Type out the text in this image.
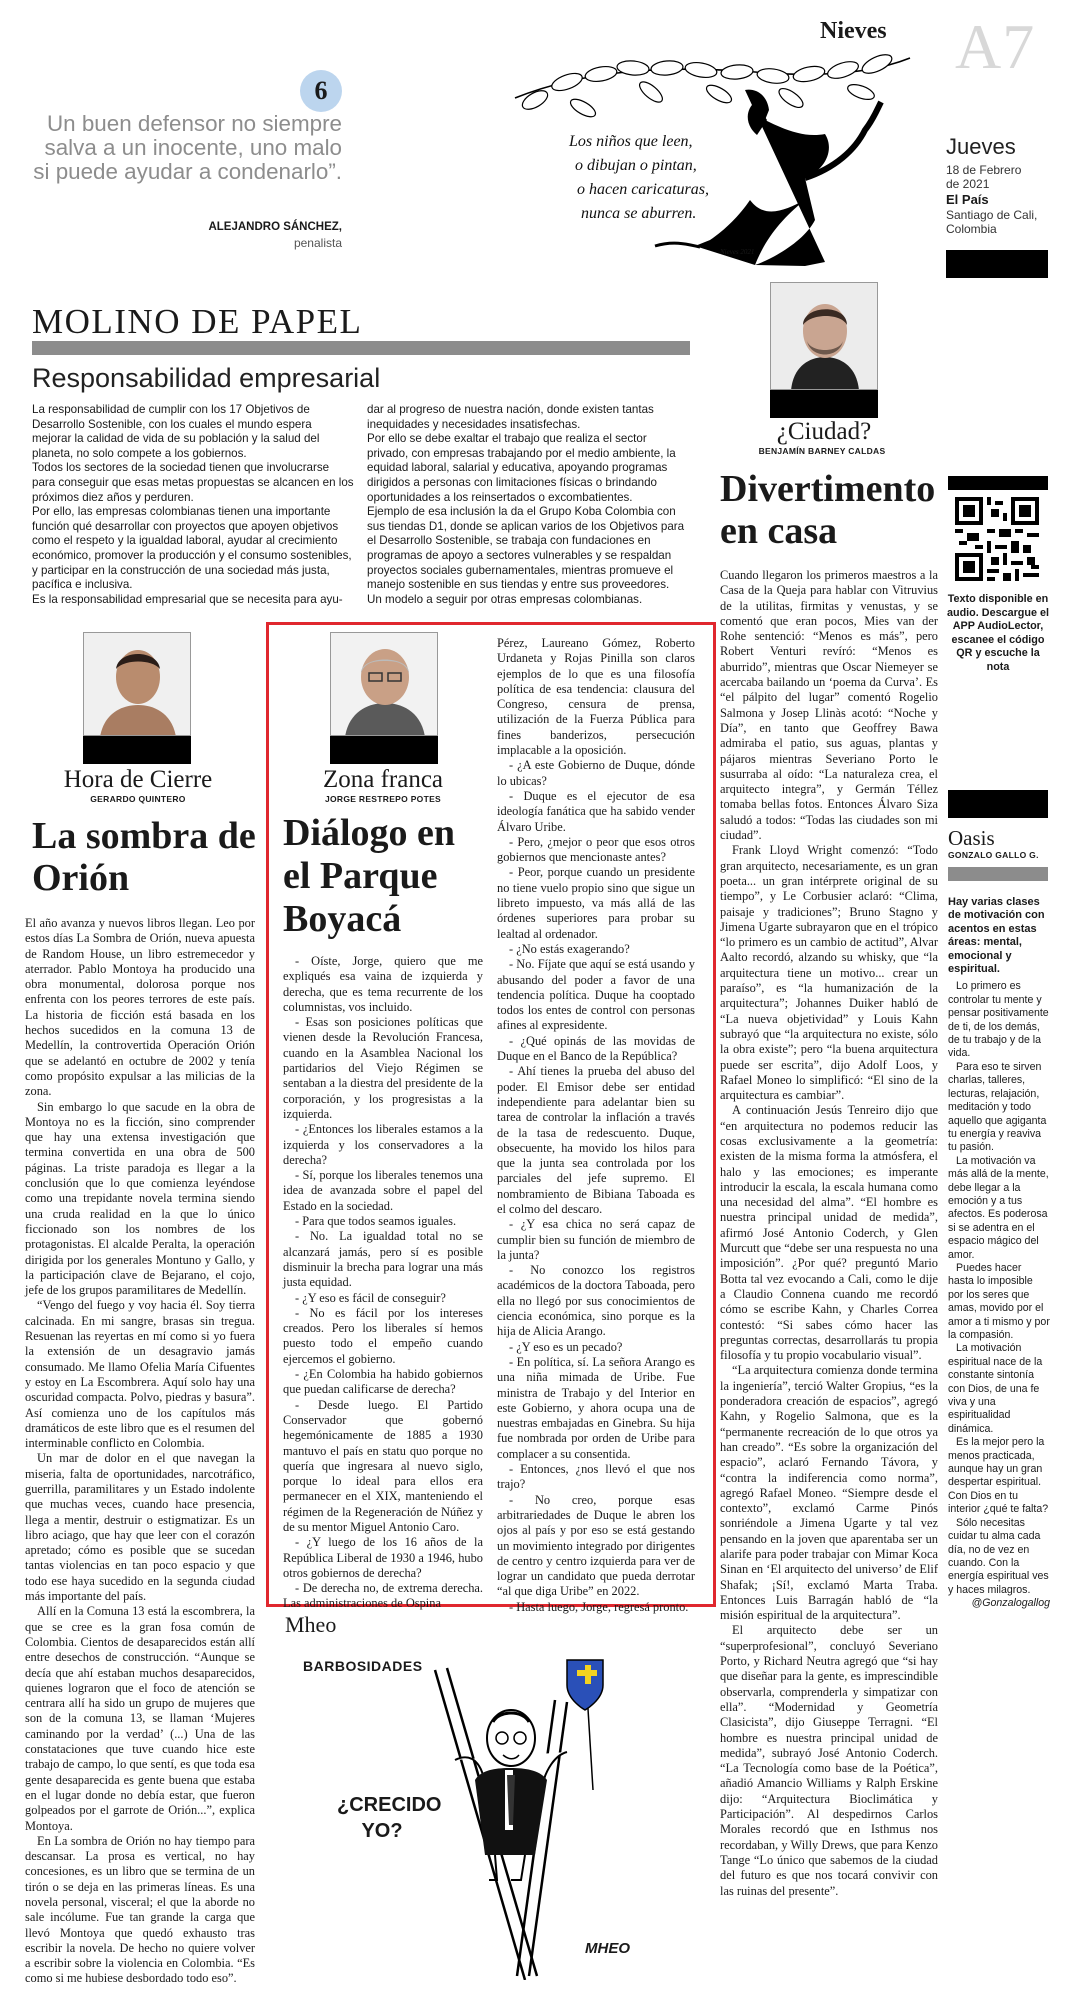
Nieves A7
Jueves
18 de Febrero
de 2021
El País
Santiago de Cali,
Colombia
6
Un buen defensor no siempre salva a un inocente, uno malo si puede ayudar a condenarlo”.
ALEJANDRO SÁNCHEZ,
penalista
Los niños que leen,
o dibujan o pintan,
o hacen caricaturas,
nunca se aburren.
Nieves 2021
MOLINO DE PAPEL
Responsabilidad empresarial

La responsabilidad de cumplir con los 17 Objetivos de Desarrollo Sostenible, con los cuales el mundo espera mejorar la calidad de vida de su población y la salud del planeta, no solo compete a los gobiernos.

Todos los sectores de la sociedad tienen que involucrarse para conseguir que esas metas propuestas se alcancen en los próximos diez años y perduren.

Por ello, las empresas colombianas tienen una importante función qué desarrollar con proyectos que apoyen objetivos como el respeto y la igualdad laboral, ayudar al crecimiento económico, promover la producción y el consumo sostenibles, y participar en la construcción de una sociedad más justa, pacífica e inclusiva.

Es la responsabilidad empresarial que se necesita para ayu-

dar al progreso de nuestra nación, donde existen tantas inequidades y necesidades insatisfechas.

Por ello se debe exaltar el trabajo que realiza el sector privado, con empresas trabajando por el medio ambiente, la equidad laboral, salarial y educativa, apoyando programas dirigidos a personas con limitaciones físicas o brindando oportunidades a los reinsertados o excombatientes.

Ejemplo de esa inclusión la da el Grupo Koba Colombia con sus tiendas D1, donde se aplican varios de los Objetivos para el Desarrollo Sostenible, se trabaja con fundaciones en programas de apoyo a sectores vulnerables y se respaldan proyectos sociales gubernamentales, mientras promueve el manejo sostenible en sus tiendas y entre sus proveedores.

Un modelo a seguir por otras empresas colombianas.

¿Ciudad?
BENJAMÍN BARNEY CALDAS
Divertimento en casa

Cuando llegaron los primeros maestros a la Casa de la Queja para hablar con Vitruvius de la utilitas, firmitas y venustas, y se comentó que eran pocos, Mies van der Rohe sentenció: “Menos es más”, pero Robert Venturi revíró: “Menos es aburrido”, mientras que Oscar Niemeyer se acercaba bailando un ‘poema da Curva’. Es “el pálpito del lugar” comentó Rogelio Salmona y Josep Llinàs acotó: “Noche y Día”, en tanto que Geoffrey Bawa admiraba el patio, sus aguas, plantas y pájaros mientras Severiano Porto le susurraba al oído: “La naturaleza crea, el arquitecto integra”, y Germán Téllez tomaba bellas fotos. Entonces Álvaro Siza saludó a todos: “Todas las ciudades son mi ciudad”.

Frank Lloyd Wright comenzó: “Todo gran arquitecto, necesariamente, es un gran poeta... un gran intérprete original de su tiempo”, y Le Corbusier aclaró: “Clima, paisaje y tradiciones”; Bruno Stagno y Jimena Ugarte subrayaron que en el trópico “lo primero es un cambio de actitud”, Alvar Aalto recordó, alzando su whisky, que “la arquitectura tiene un motivo... crear un paraíso”, es “la humanización de la arquitectura”; Johannes Duiker habló de “La nueva objetividad” y Louis Kahn subrayó que “la arquitectura no existe, sólo la obra existe”; pero “la buena arquitectura puede ser escrita”, dijo Adolf Loos, y Rafael Moneo lo simplificó: “El sino de la arquitectura es cambiar”.

A continuación Jesús Tenreiro dijo que “en arquitectura no podemos reducir las cosas exclusivamente a la geometría: existen de la misma forma la atmósfera, el halo y las emociones; es imperante introducir la escala, la escala humana como una necesidad del alma”. “El hombre es nuestra principal unidad de medida”, afirmó José Antonio Coderch, y Glen Murcutt que “debe ser una respuesta no una imposición”. ¿Por qué? preguntó Mario Botta tal vez evocando a Cali, como le dije a Claudio Connena cuando me recordó cómo se escribe Kahn, y Charles Correa contestó: “Si sabes cómo hacer las preguntas correctas, desarrollarás tu propia filosofía y tu propio vocabulario visual”.

“La arquitectura comienza donde termina la ingeniería”, terció Walter Gropius, “es la ponderadora creación de espacios”, agregó Kahn, y Rogelio Salmona, que es la “permanente recreación de lo que otros ya han creado”. “Es sobre la organización del espacio”, aclaró Fernando Távora, y “contra la indiferencia como norma”, agregó Rafael Moneo. “Siempre desde el contexto”, exclamó Carme Pinós sonriéndole a Jimena Ugarte y tal vez pensando en la joven que aparentaba ser un alarife para poder trabajar con Mimar Koca Sinan en ‘El arquitecto del universo’ de Elif Shafak; ¡Sí!, exclamó Marta Traba. Entonces Luis Barragán habló de “la misión espiritual de la arquitectura”.

El arquitecto debe ser un “superprofesional”, concluyó Severiano Porto, y Richard Neutra agregó que “si hay que diseñar para la gente, es imprescindible observarla, comprenderla y simpatizar con ella”. “Modernidad y Geometría Clasicista”, dijo Giuseppe Terragni. “El hombre es nuestra principal unidad de medida”, subrayó José Antonio Coderch. “La Tecnología como base de la Poética”, añadió Amancio Williams y Ralph Erskine dijo: “Arquitectura Bioclimática y Participación”. Al despedirnos Carlos Morales recordó que en Isthmus nos recordaban, y Willy Drews, que para Kenzo Tange “Lo único que sabemos de la ciudad del futuro es que nos tocará convivir con las ruinas del presente”.

Texto disponible en audio. Descargue el APP AudioLector, escanee el código QR y escuche la nota
Oasis
GONZALO GALLO G.

Hay varias clases de motivación con acentos en estas áreas: mental, emocional y espiritual.

Lo primero es controlar tu mente y pensar positivamente de ti, de los demás, de tu trabajo y de la vida.

Para eso te sirven charlas, talleres, lecturas, relajación, meditación y todo aquello que agiganta tu energía y reaviva tu pasión.

La motivación va más allá de la mente, debe llegar a la emoción y a tus afectos. Es poderosa si se adentra en el espacio mágico del amor.

Puedes hacer hasta lo imposible por los seres que amas, movido por el amor a ti mismo y por la compasión.

La motivación espiritual nace de la constante sintonía con Dios, de una fe viva y una espiritualidad dinámica.

Es la mejor pero la menos practicada, aunque hay un gran despertar espiritual. Con Dios en tu interior ¿qué te falta?

Sólo necesitas cuidar tu alma cada día, no de vez en cuando. Con la energía espiritual ves y haces milagros.

@Gonzalogallog

Hora de Cierre
GERARDO QUINTERO
La sombra de Orión

El año avanza y nuevos libros llegan. Leo por estos días La Sombra de Orión, nueva apuesta de Random House, un libro estremecedor y aterrador. Pablo Montoya ha producido una obra monumental, dolorosa porque nos enfrenta con los peores terrores de este país. La historia de ficción está basada en los hechos sucedidos en la comuna 13 de Medellín, la controvertida Operación Orión que se adelantó en octubre de 2002 y tenía como propósito expulsar a las milicias de la zona.

Sin embargo lo que sacude en la obra de Montoya no es la ficción, sino comprender que hay una extensa investigación que termina convertida en una obra de 500 páginas. La triste paradoja es llegar a la conclusión que lo que comienza leyéndose como una trepidante novela termina siendo una cruda realidad en la que lo único ficcionado son los nombres de los protagonistas. El alcalde Peralta, la operación dirigida por los generales Montuno y Gallo, y la participación clave de Bejarano, el cojo, jefe de los grupos paramilitares de Medellín.

“Vengo del fuego y voy hacia él. Soy tierra calcinada. En mi sangre, brasas sin tregua. Resuenan las reyertas en mí como si yo fuera la extensión de un desagravio jamás consumado. Me llamo Ofelia María Cifuentes y estoy en La Escombrera. Aquí solo hay una oscuridad compacta. Polvo, piedras y basura”. Así comienza uno de los capítulos más dramáticos de este libro que es el resumen del interminable conflicto en Colombia.

Un mar de dolor en el que navegan la miseria, falta de oportunidades, narcotráfico, guerrilla, paramilitares y un Estado indolente que muchas veces, cuando hace presencia, llega a mentir, destruir o estigmatizar. Es un libro aciago, que hay que leer con el corazón apretado; cómo es posible que se sucedan tantas violencias en tan poco espacio y que todo ese haya sucedido en la segunda ciudad más importante del país.

Allí en la Comuna 13 está la escombrera, la que se cree es la gran fosa común de Colombia. Cientos de desaparecidos están allí entre desechos de construcción. “Aunque se decía que ahí estaban muchos desaparecidos, quienes lograron que el foco de atención se centrara allí ha sido un grupo de mujeres que son de la comuna 13, se llaman ‘Mujeres caminando por la verdad’ (...) Una de las constataciones que tuve cuando hice este trabajo de campo, lo que sentí, es que toda esa gente desaparecida es gente buena que estaba en el lugar donde no debía estar, que fueron golpeados por el garrote de Orión...”, explica Montoya.

En La sombra de Orión no hay tiempo para descansar. La prosa es vertical, no hay concesiones, es un libro que se termina de un tirón o se deja en las primeras líneas. Es una novela personal, visceral; el que la aborde no sale incólume. Fue tan grande la carga que llevó Montoya que quedó exhausto tras escribir la novela. De hecho no quiere volver a escribir sobre la violencia en Colombia. “Es como si me hubiese desbordado todo eso”.

Zona franca
JORGE RESTREPO POTES
Diálogo en el Parque Boyacá

- Oíste, Jorge, quiero que me expliqués esa vaina de izquierda y derecha, que es tema recurrente de los columnistas, vos incluido.

- Esas son posiciones políticas que vienen desde la Revolución Francesa, cuando en la Asamblea Nacional los partidarios del Viejo Régimen se sentaban a la diestra del presidente de la corporación, y los progresistas a la izquierda.

- ¿Entonces los liberales estamos a la izquierda y los conservadores a la derecha?

- Sí, porque los liberales tenemos una idea de avanzada sobre el papel del Estado en la sociedad.

- Para que todos seamos iguales.

- No. La igualdad total no se alcanzará jamás, pero sí es posible disminuir la brecha para lograr una más justa equidad.

- ¿Y eso es fácil de conseguir?

- No es fácil por los intereses creados. Pero los liberales sí hemos puesto todo el empeño cuando ejercemos el gobierno.

- ¿En Colombia ha habido gobiernos que puedan calificarse de derecha?

- Desde luego. El Partido Conservador que gobernó hegemónicamente de 1885 a 1930 mantuvo el país en statu quo porque no quería que ingresara al nuevo siglo, porque lo ideal para ellos era permanecer en el XIX, manteniendo el régimen de la Regeneración de Núñez y de su mentor Miguel Antonio Caro.

- ¿Y luego de los 16 años de la República Liberal de 1930 a 1946, hubo otros gobiernos de derecha?

- De derecha no, de extrema derecha. Las administraciones de Ospina

Pérez, Laureano Gómez, Roberto Urdaneta y Rojas Pinilla son claros ejemplos de lo que es una filosofía política de esa tendencia: clausura del Congreso, censura de prensa, utilización de la Fuerza Pública para fines banderizos, persecución implacable a la oposición.

- ¿A este Gobierno de Duque, dónde lo ubicas?

- Duque es el ejecutor de esa ideología fanática que ha sabido vender Álvaro Uribe.

- Pero, ¿mejor o peor que esos otros gobiernos que mencionaste antes?

- Peor, porque cuando un presidente no tiene vuelo propio sino que sigue un libreto impuesto, va más allá de las órdenes superiores para probar su lealtad al ordenador.

- ¿No estás exagerando?

- No. Fíjate que aquí se está usando y abusando del poder a favor de una tendencia política. Duque ha cooptado todos los entes de control con personas afines al expresidente.

- ¿Qué opinás de las movidas de Duque en el Banco de la República?

- Ahí tienes la prueba del abuso del poder. El Emisor debe ser entidad independiente para adelantar bien su tarea de controlar la inflación a través de la tasa de redescuento. Duque, obsecuente, ha movido los hilos para que la junta sea controlada por los parciales del jefe supremo. El nombramiento de Bibiana Taboada es el colmo del descaro.

- ¿Y esa chica no será capaz de cumplir bien su función de miembro de la junta?

- No conozco los registros académicos de la doctora Taboada, pero ella no llegó por sus conocimientos de ciencia económica, sino porque es la hija de Alicia Arango.

- ¿Y eso es un pecado?

- En política, sí. La señora Arango es una niña mimada de Uribe. Fue ministra de Trabajo y del Interior en este Gobierno, y ahora ocupa una de nuestras embajadas en Ginebra. Su hija fue nombrada por orden de Uribe para complacer a su consentida.

- Entonces, ¿nos llevó el que nos trajo?

- No creo, porque esas arbitrariedades de Duque le abren los ojos al país y por eso se está gestando un movimiento integrado por dirigentes de centro y centro izquierda para ver de lograr un candidato que pueda derrotar “al que diga Uribe” en 2022.

- Hasta luego, Jorge, regresá pronto.

Mheo
BARBOSIDADES
¿CRECIDO YO?
MHEO
